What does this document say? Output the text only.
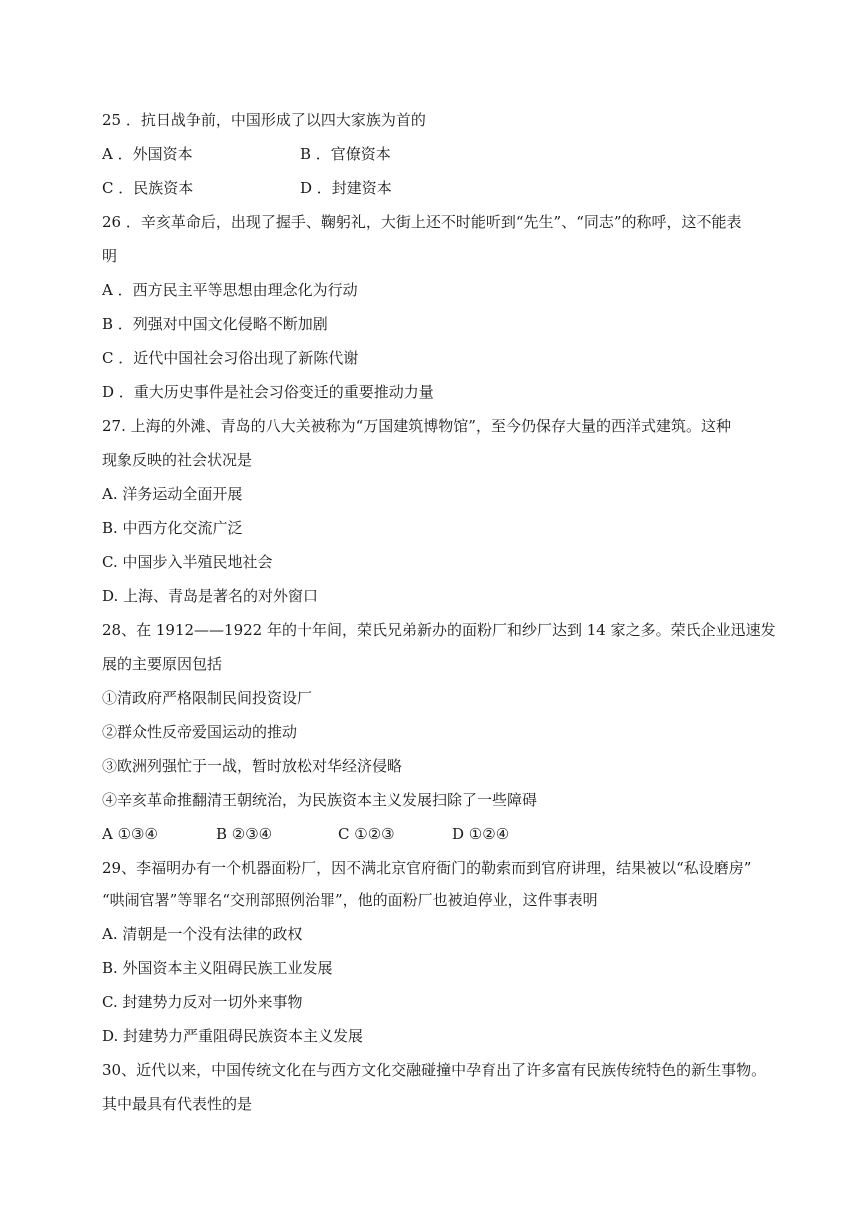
25 ．抗日战争前，中国形成了以四大家族为首的
A ．外国资本	B ．官僚资本
C ．民族资本	D ．封建资本
26 ．辛亥革命后，出现了握手、鞠躬礼，大街上还不时能听到“先生”、“同志”的称呼，这不能表
明
A ．西方民主平等思想由理念化为行动
B ．列强对中国文化侵略不断加剧
C ．近代中国社会习俗出现了新陈代谢
D ．重大历史事件是社会习俗变迁的重要推动力量
27. 上海的外滩、青岛的八大关被称为“万国建筑博物馆”，至今仍保存大量的西洋式建筑。这种
现象反映的社会状况是
A. 洋务运动全面开展
B. 中西方化交流广泛
C. 中国步入半殖民地社会
D. 上海、青岛是著名的对外窗口
28、在 1912——1922 年的十年间，荣氏兄弟新办的面粉厂和纱厂达到 14 家之多。荣氏企业迅速发
展的主要原因包括
①清政府严格限制民间投资设厂
②群众性反帝爱国运动的推动
③欧洲列强忙于一战，暂时放松对华经济侵略
④辛亥革命推翻清王朝统治，为民族资本主义发展扫除了一些障碍
A ①③④	B ②③④	C ①②③	D ①②④
29、李福明办有一个机器面粉厂，因不满北京官府衙门的勒索而到官府讲理，结果被以“私设磨房”
“哄闹官署”等罪名“交刑部照例治罪”，他的面粉厂也被迫停业，这件事表明
A. 清朝是一个没有法律的政权
B. 外国资本主义阻碍民族工业发展
C. 封建势力反对一切外来事物
D. 封建势力严重阻碍民族资本主义发展
30、近代以来，中国传统文化在与西方文化交融碰撞中孕育出了许多富有民族传统特色的新生事物。
其中最具有代表性的是
